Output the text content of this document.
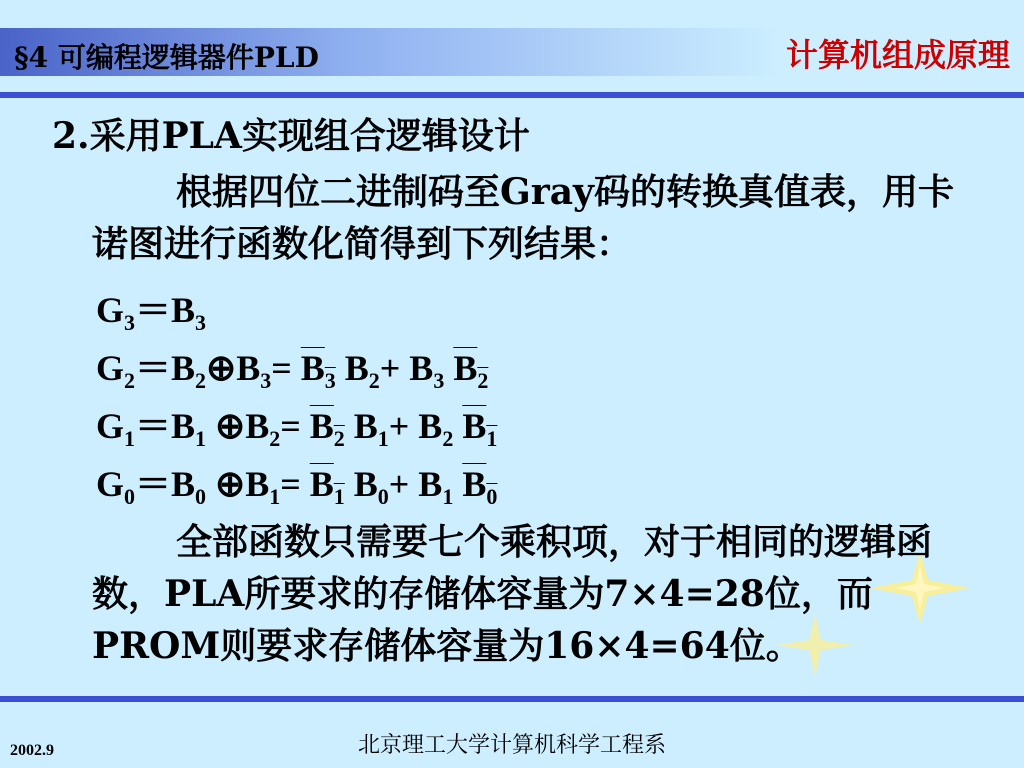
§4 可编程逻辑器件PLD	计算机组成原理
2.采用PLA实现组合逻辑设计
根据四位二进制码至Gray码的转换真值表，用卡诺图进行函数化简得到下列结果：
$G_3=B_3$
$G_2=B_2\oplus B_3= B_3$ $B_2+ B_3$ $B_2$
$G_1=B_1$ $\oplus B_2= B_2$ $B_1+ B_2$ $B_1$
$G_0=B_0$ $\oplus B_1= B_1$ $B_0+ B_1$ $B_0$
全部函数只需要七个乘积项，对于相同的逻辑函数，PLA所要求的存储体容量为7×4=28位，而PROM则要求存储体容量为16×4=64位。
北京理工大学计算机科学工程系
2002.9
